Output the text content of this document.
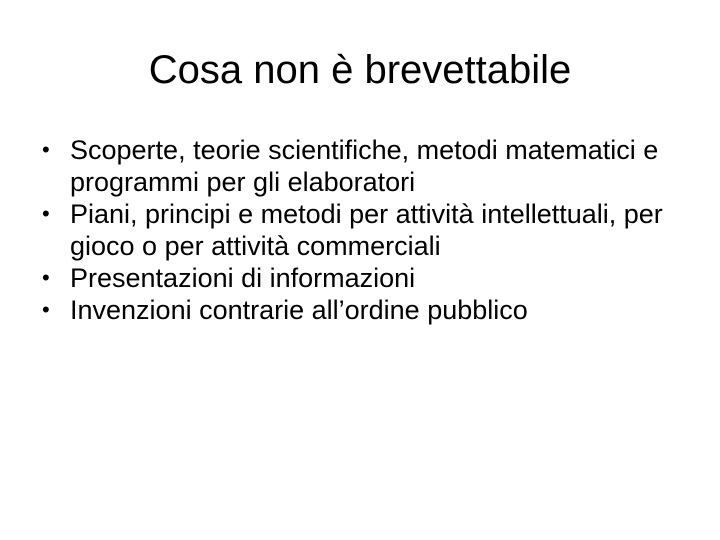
Cosa non è brevettabile
• Scoperte, teorie scientifiche, metodi matematici e programmi per gli elaboratori
• Piani, principi e metodi per attività intellettuali, per gioco o per attività commerciali
• Presentazioni di informazioni
• Invenzioni contrarie all’ordine pubblico
